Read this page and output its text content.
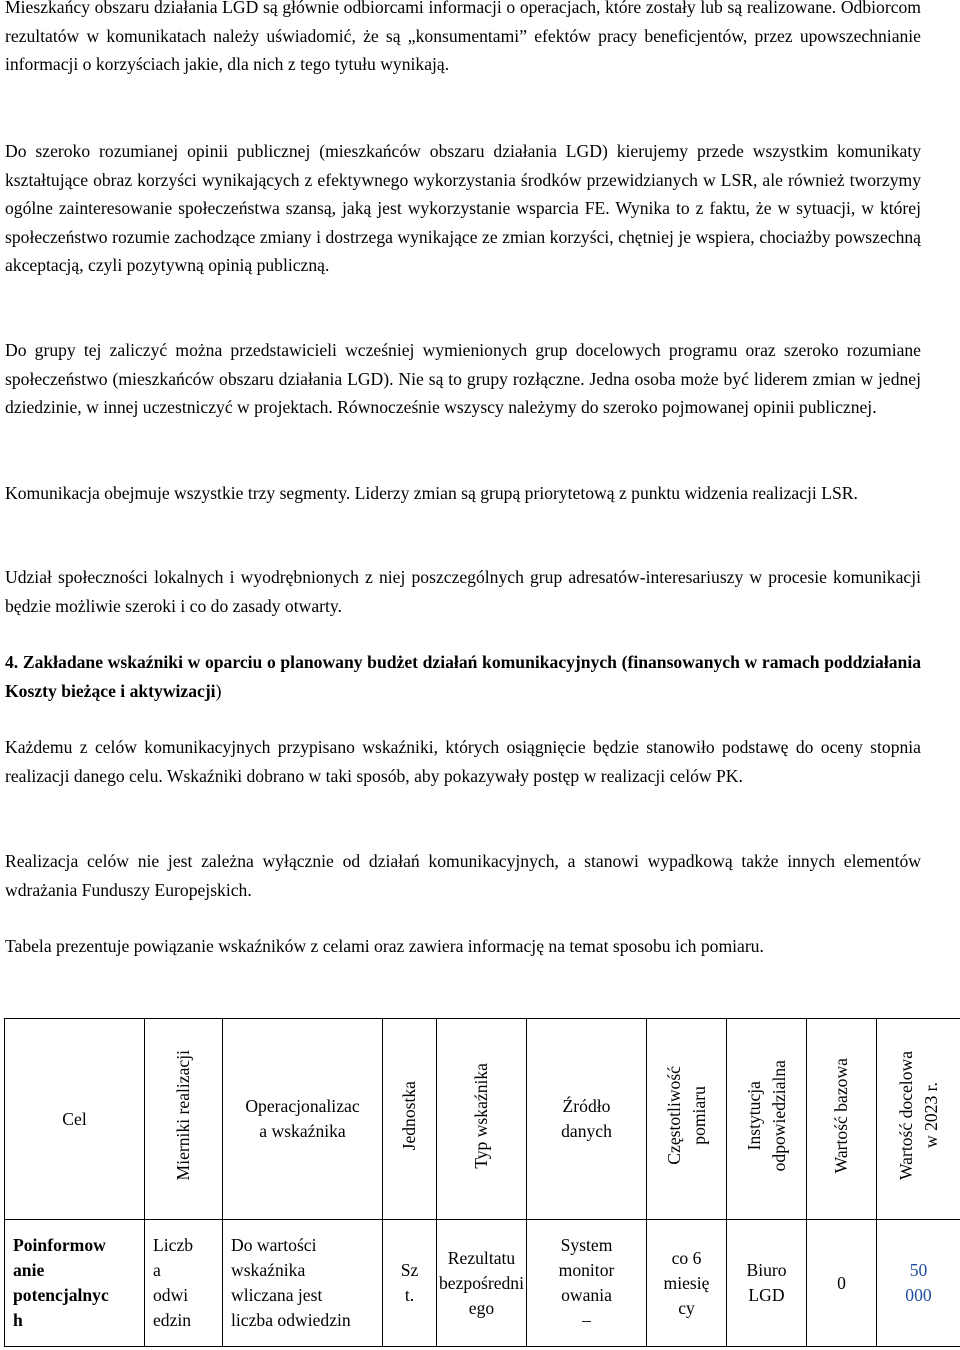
Mieszkańcy obszaru działania LGD są głównie odbiorcami informacji o operacjach, które zostały lub są realizowane. Odbiorcom rezultatów w komunikatach należy uświadomić, że są „konsumentami” efektów pracy beneficjentów, przez upowszechnianie informacji o korzyściach jakie, dla nich z tego tytułu wynikają.

Do szeroko rozumianej opinii publicznej (mieszkańców obszaru działania LGD) kierujemy przede wszystkim komunikaty kształtujące obraz korzyści wynikających z efektywnego wykorzystania środków przewidzianych w LSR, ale również tworzymy ogólne zainteresowanie społeczeństwa szansą, jaką jest wykorzystanie wsparcia FE. Wynika to z faktu, że w sytuacji, w której społeczeństwo rozumie zachodzące zmiany i dostrzega wynikające ze zmian korzyści, chętniej je wspiera, chociażby powszechną akceptacją, czyli pozytywną opinią publiczną.

Do grupy tej zaliczyć można przedstawicieli wcześniej wymienionych grup docelowych programu oraz szeroko rozumiane społeczeństwo (mieszkańców obszaru działania LGD). Nie są to grupy rozłączne. Jedna osoba może być liderem zmian w jednej dziedzinie, w innej uczestniczyć w projektach. Równocześnie wszyscy należymy do szeroko pojmowanej opinii publicznej.

Komunikacja obejmuje wszystkie trzy segmenty. Liderzy zmian są grupą priorytetową z punktu widzenia realizacji LSR.

Udział społeczności lokalnych i wyodrębnionych z niej poszczególnych grup adresatów-interesariuszy w procesie komunikacji będzie możliwie szeroki i co do zasady otwarty.

4. Zakładane wskaźniki w oparciu o planowany budżet działań komunikacyjnych (finansowanych w ramach poddziałania Koszty bieżące i aktywizacji)

Każdemu z celów komunikacyjnych przypisano wskaźniki, których osiągnięcie będzie stanowiło podstawę do oceny stopnia realizacji danego celu. Wskaźniki dobrano w taki sposób, aby pokazywały postęp w realizacji celów PK.

Realizacja celów nie jest zależna wyłącznie od działań komunikacyjnych, a stanowi wypadkową także innych elementów wdrażania Funduszy Europejskich.

Tabela prezentuje powiązanie wskaźników z celami oraz zawiera informację na temat sposobu ich pomiaru.

Cel	Mierniki realizacji	Operacjonalizac
a wskaźnika	Jednostka	Typ wskaźnika	Źródło
danych	Częstotliwość pomiaru	Instytucja odpowiedzialna	Wartość bazowa	Wartość docelowa w 2023 r.
Poinformow
anie
potencjalnyc
h	Liczb
a
odwi
edzin	Do wartości
wskaźnika
wliczana jest
liczba odwiedzin	Sz
t.	Rezultatu
bezpośredni
ego	System
monitor
owania
–	co 6
miesię
cy	Biuro
LGD	0	50
000
